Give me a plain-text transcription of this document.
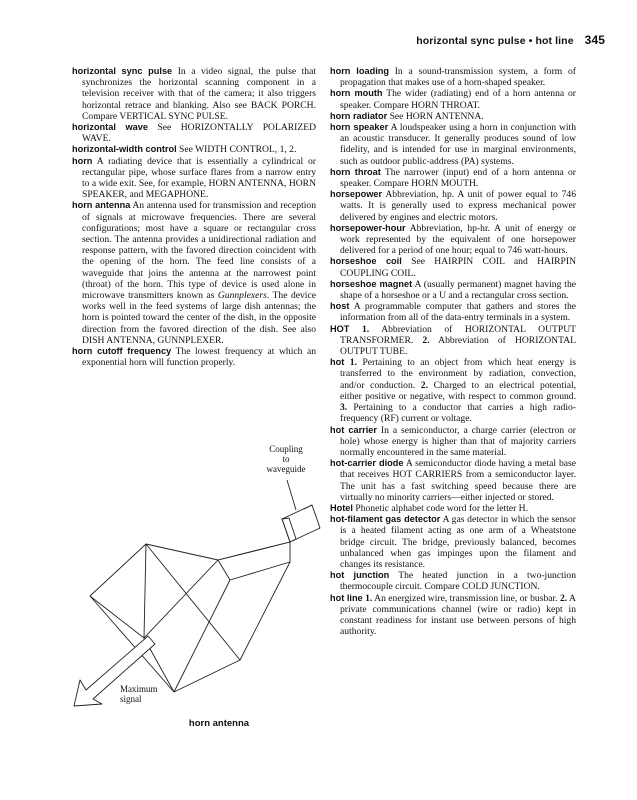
horizontal sync pulse • hot line 345

horizontal sync pulse In a video signal, the pulse that synchronizes the horizontal scanning component in a television receiver with that of the camera; it also triggers horizontal retrace and blanking. Also see BACK PORCH. Compare VERTICAL SYNC PULSE.

horizontal wave See HORIZONTALLY POLARIZED WAVE.

horizontal-width control See WIDTH CONTROL, 1, 2.

horn A radiating device that is essentially a cylindrical or rectangular pipe, whose surface flares from a narrow entry to a wide exit. See, for example, HORN ANTENNA, HORN SPEAKER, and MEGAPHONE.

horn antenna An antenna used for transmission and reception of signals at microwave frequencies. There are several configurations; most have a square or rectangular cross section. The antenna provides a unidirectional radiation and response pattern, with the favored direction coincident with the opening of the horn. The feed line consists of a waveguide that joins the antenna at the narrowest point (throat) of the horn. This type of device is used alone in microwave transmitters known as Gunnplexers. The device works well in the feed systems of large dish antennas; the horn is pointed toward the center of the dish, in the opposite direction from the favored direction of the dish. See also DISH ANTENNA, GUNNPLEXER.

horn cutoff frequency The lowest frequency at which an exponential horn will function properly.

Coupling
to
waveguide
Maximum
signal
horn antenna

horn loading In a sound-transmission system, a form of propagation that makes use of a horn-shaped speaker.

horn mouth The wider (radiating) end of a horn antenna or speaker. Compare HORN THROAT.

horn radiator See HORN ANTENNA.

horn speaker A loudspeaker using a horn in conjunction with an acoustic transducer. It generally produces sound of low fidelity, and is intended for use in marginal environments, such as outdoor public-address (PA) systems.

horn throat The narrower (input) end of a horn antenna or speaker. Compare HORN MOUTH.

horsepower Abbreviation, hp. A unit of power equal to 746 watts. It is generally used to express mechanical power delivered by engines and electric motors.

horsepower-hour Abbreviation, hp-hr. A unit of energy or work represented by the equivalent of one horsepower delivered for a period of one hour; equal to 746 watt-hours.

horseshoe coil See HAIRPIN COIL and HAIRPIN COUPLING COIL.

horseshoe magnet A (usually permanent) magnet having the shape of a horseshoe or a U and a rectangular cross section.

host A programmable computer that gathers and stores the information from all of the data-entry terminals in a system.

HOT 1. Abbreviation of HORIZONTAL OUTPUT TRANSFORMER. 2. Abbreviation of HORIZONTAL OUTPUT TUBE.

hot 1. Pertaining to an object from which heat energy is transferred to the environment by radiation, convection, and/or conduction. 2. Charged to an electrical potential, either positive or negative, with respect to common ground. 3. Pertaining to a conductor that carries a high radio-frequency (RF) current or voltage.

hot carrier In a semiconductor, a charge carrier (electron or hole) whose energy is higher than that of majority carriers normally encountered in the same material.

hot-carrier diode A semiconductor diode having a metal base that receives HOT CARRIERS from a semiconductor layer. The unit has a fast switching speed because there are virtually no minority carriers—either injected or stored.

Hotel Phonetic alphabet code word for the letter H.

hot-filament gas detector A gas detector in which the sensor is a heated filament acting as one arm of a Wheatstone bridge circuit. The bridge, previously balanced, becomes unbalanced when gas impinges upon the filament and changes its resistance.

hot junction The heated junction in a two-junction thermocouple circuit. Compare COLD JUNCTION.

hot line 1. An energized wire, transmission line, or busbar. 2. A private communications channel (wire or radio) kept in constant readiness for instant use between persons of high authority.
